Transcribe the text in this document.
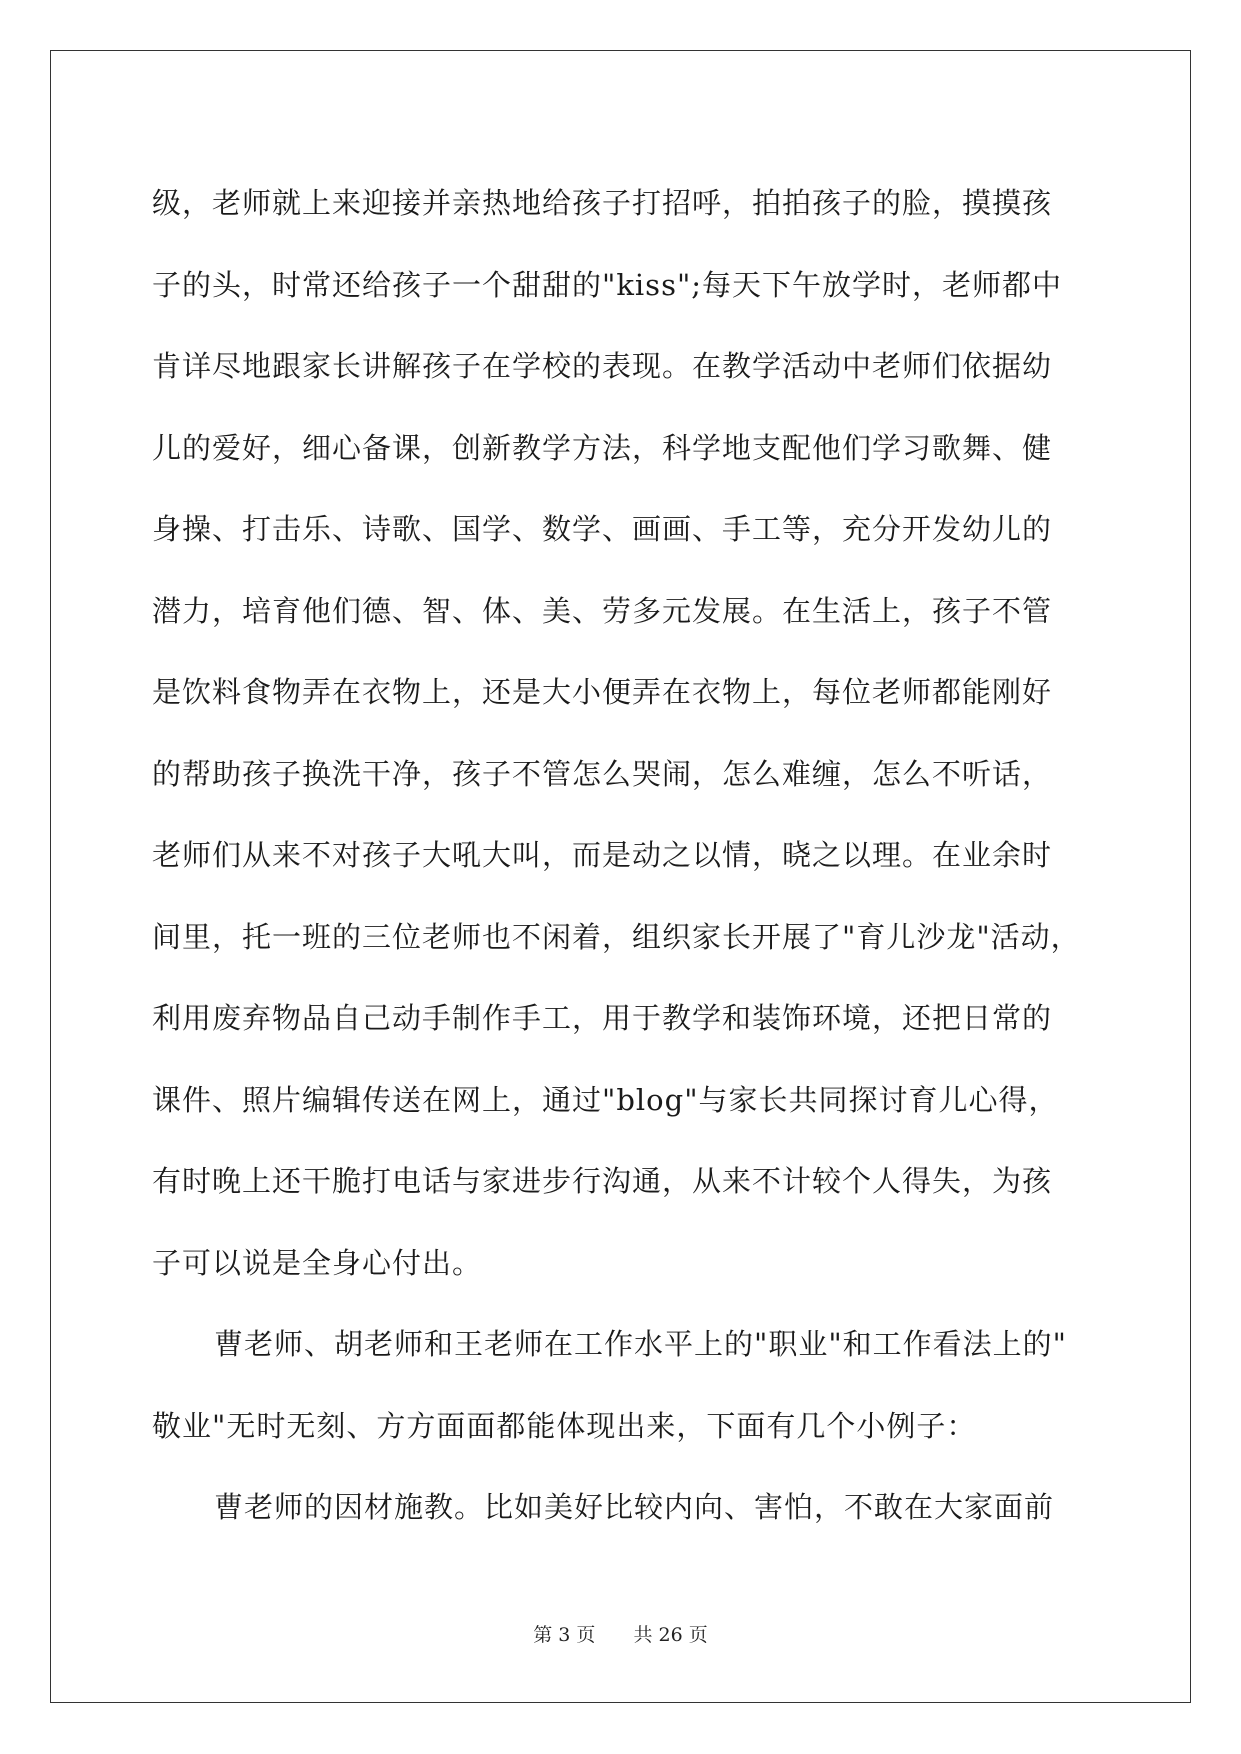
级，老师就上来迎接并亲热地给孩子打招呼，拍拍孩子的脸，摸摸孩
子的头，时常还给孩子一个甜甜的"kiss";每天下午放学时，老师都中
肯详尽地跟家长讲解孩子在学校的表现。在教学活动中老师们依据幼
儿的爱好，细心备课，创新教学方法，科学地支配他们学习歌舞、健
身操、打击乐、诗歌、国学、数学、画画、手工等，充分开发幼儿的
潜力，培育他们德、智、体、美、劳多元发展。在生活上，孩子不管
是饮料食物弄在衣物上，还是大小便弄在衣物上，每位老师都能刚好
的帮助孩子换洗干净，孩子不管怎么哭闹，怎么难缠，怎么不听话，
老师们从来不对孩子大吼大叫，而是动之以情，晓之以理。在业余时
间里，托一班的三位老师也不闲着，组织家长开展了"育儿沙龙"活动，
利用废弃物品自己动手制作手工，用于教学和装饰环境，还把日常的
课件、照片编辑传送在网上，通过"blog"与家长共同探讨育儿心得，
有时晚上还干脆打电话与家进步行沟通，从来不计较个人得失，为孩
子可以说是全身心付出。
曹老师、胡老师和王老师在工作水平上的"职业"和工作看法上的"
敬业"无时无刻、方方面面都能体现出来，下面有几个小例子：
曹老师的因材施教。比如美好比较内向、害怕，不敢在大家面前
第 3 页 共 26 页
